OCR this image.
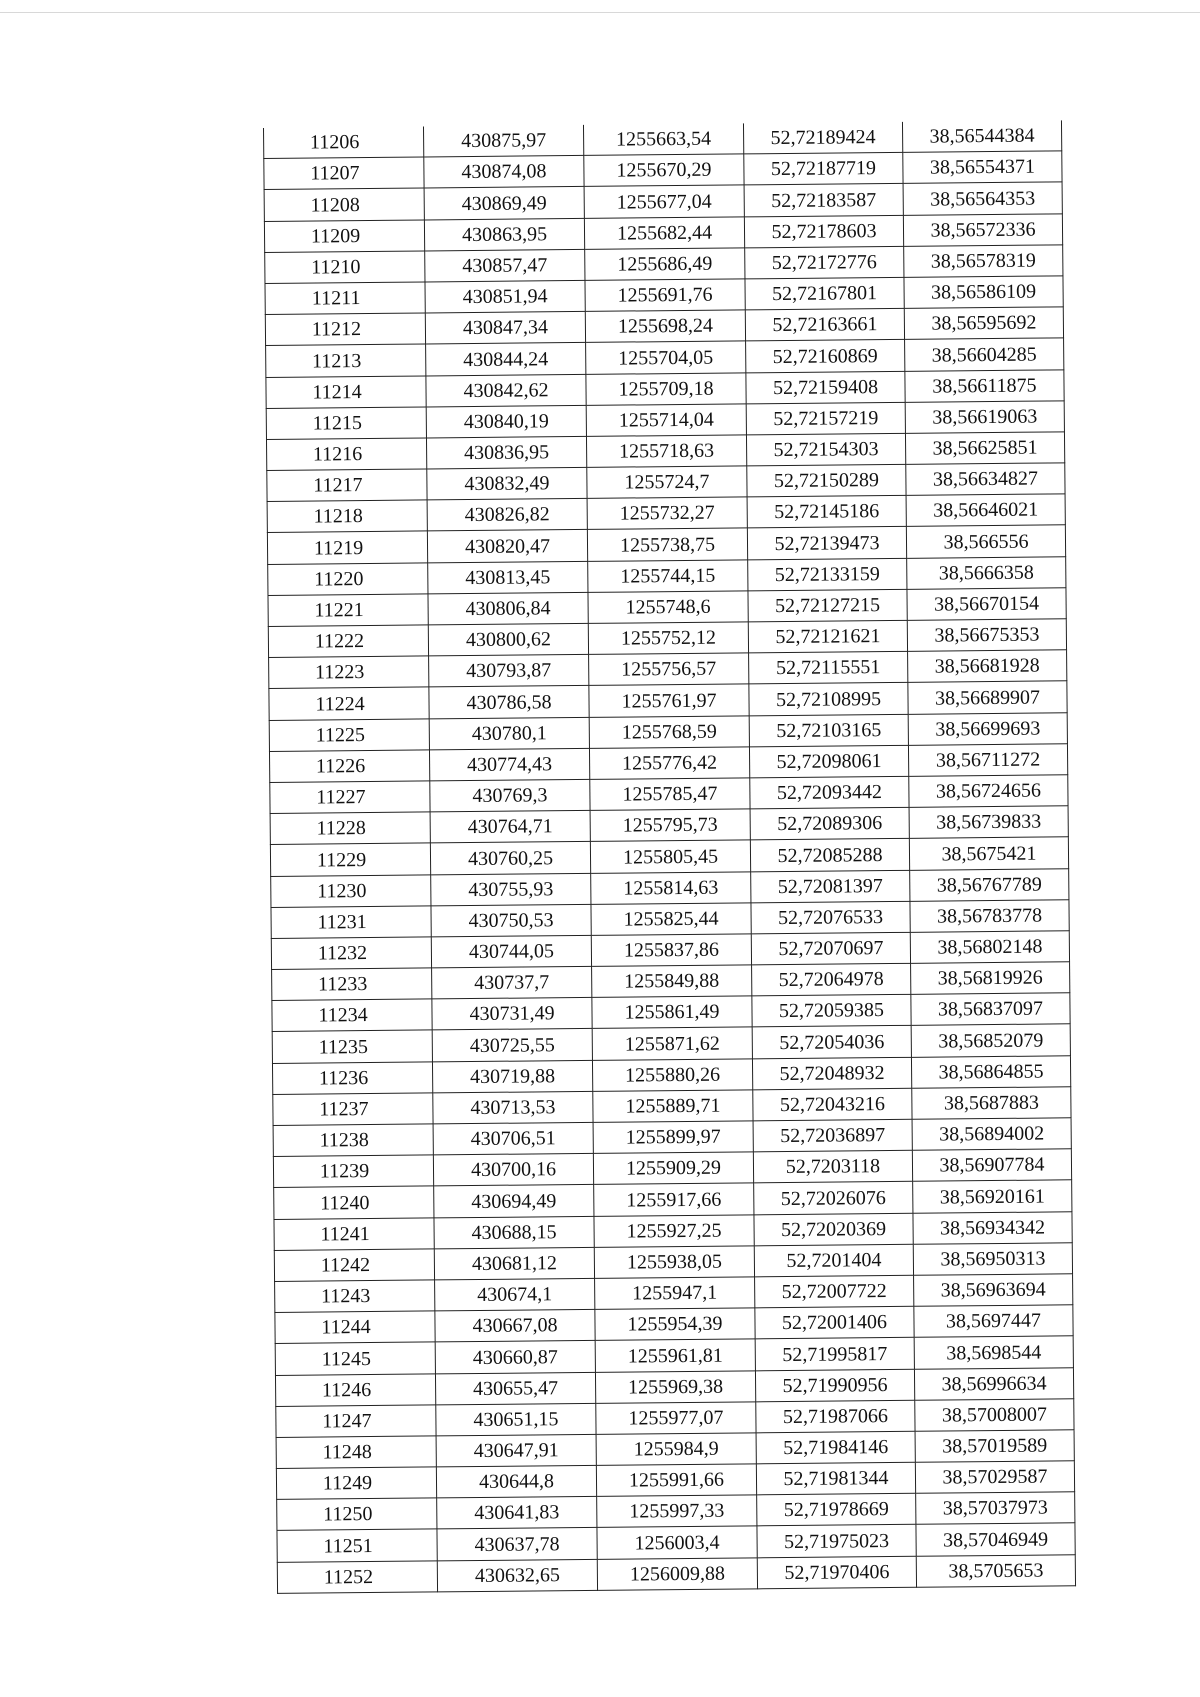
11206	430875,97	1255663,54	52,72189424	38,56544384
11207	430874,08	1255670,29	52,72187719	38,56554371
11208	430869,49	1255677,04	52,72183587	38,56564353
11209	430863,95	1255682,44	52,72178603	38,56572336
11210	430857,47	1255686,49	52,72172776	38,56578319
11211	430851,94	1255691,76	52,72167801	38,56586109
11212	430847,34	1255698,24	52,72163661	38,56595692
11213	430844,24	1255704,05	52,72160869	38,56604285
11214	430842,62	1255709,18	52,72159408	38,56611875
11215	430840,19	1255714,04	52,72157219	38,56619063
11216	430836,95	1255718,63	52,72154303	38,56625851
11217	430832,49	1255724,7	52,72150289	38,56634827
11218	430826,82	1255732,27	52,72145186	38,56646021
11219	430820,47	1255738,75	52,72139473	38,566556
11220	430813,45	1255744,15	52,72133159	38,5666358
11221	430806,84	1255748,6	52,72127215	38,56670154
11222	430800,62	1255752,12	52,72121621	38,56675353
11223	430793,87	1255756,57	52,72115551	38,56681928
11224	430786,58	1255761,97	52,72108995	38,56689907
11225	430780,1	1255768,59	52,72103165	38,56699693
11226	430774,43	1255776,42	52,72098061	38,56711272
11227	430769,3	1255785,47	52,72093442	38,56724656
11228	430764,71	1255795,73	52,72089306	38,56739833
11229	430760,25	1255805,45	52,72085288	38,5675421
11230	430755,93	1255814,63	52,72081397	38,56767789
11231	430750,53	1255825,44	52,72076533	38,56783778
11232	430744,05	1255837,86	52,72070697	38,56802148
11233	430737,7	1255849,88	52,72064978	38,56819926
11234	430731,49	1255861,49	52,72059385	38,56837097
11235	430725,55	1255871,62	52,72054036	38,56852079
11236	430719,88	1255880,26	52,72048932	38,56864855
11237	430713,53	1255889,71	52,72043216	38,5687883
11238	430706,51	1255899,97	52,72036897	38,56894002
11239	430700,16	1255909,29	52,7203118	38,56907784
11240	430694,49	1255917,66	52,72026076	38,56920161
11241	430688,15	1255927,25	52,72020369	38,56934342
11242	430681,12	1255938,05	52,7201404	38,56950313
11243	430674,1	1255947,1	52,72007722	38,56963694
11244	430667,08	1255954,39	52,72001406	38,5697447
11245	430660,87	1255961,81	52,71995817	38,5698544
11246	430655,47	1255969,38	52,71990956	38,56996634
11247	430651,15	1255977,07	52,71987066	38,57008007
11248	430647,91	1255984,9	52,71984146	38,57019589
11249	430644,8	1255991,66	52,71981344	38,57029587
11250	430641,83	1255997,33	52,71978669	38,57037973
11251	430637,78	1256003,4	52,71975023	38,57046949
11252	430632,65	1256009,88	52,71970406	38,5705653
